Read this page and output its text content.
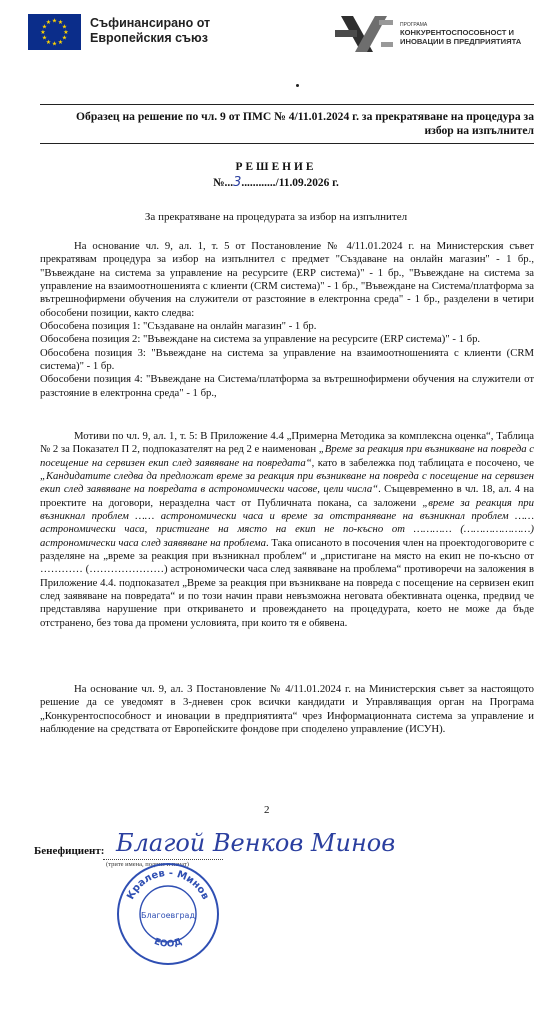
★ ★
★
★
★
★
★
★
★
★
★
★	Съфинансирано от
Европейския съюз
ПРОГРАМА
КОНКУРЕНТОСПОСОБНОСТ И
ИНОВАЦИИ В ПРЕДПРИЯТИЯТА
Образец на решение по чл. 9 от ПМС № 4/11.01.2024 г. за прекратяване на процедура за
избор на изпълнител
РЕШЕНИЕ
№...3............/11.09.2026 г.
За прекратяване на процедурата за избор на изпълнител

На основание чл. 9, ал. 1, т. 5 от Постановление № 4/11.01.2024 г. на Министерския съвет прекратявам процедура за избор на изпълнител с предмет "Създаване на онлайн магазин" - 1 бр., "Въвеждане на система за управление на ресурсите (ERP система)" - 1 бр., "Въвеждане на система за управление на взаимоотношенията с клиенти (CRM система)" - 1 бр., "Въвеждане на Система/платформа за вътрешнофирмени обучения на служители от разстояние в електронна среда" - 1 бр., разделени в четири обособени позиции, както следва:

Обособена позиция 1: "Създаване на онлайн магазин" - 1 бр.

Обособена позиция 2: "Въвеждане на система за управление на ресурсите (ERP система)" - 1 бр.

Обособена позиция 3: "Въвеждане на система за управление на взаимоотношенията с клиенти (CRM система)" - 1 бр.

Обособени позиция 4: "Въвеждане на Система/платформа за вътрешнофирмени обучения на служители от разстояние в електронна среда" - 1 бр.,

Мотиви по чл. 9, ал. 1, т. 5: В Приложение 4.4 „Примерна Методика за комплексна оценка“, Таблица № 2 за Показател П 2, подпоказателят на ред 2 е наименован „Време за реакция при възникване на повреда с посещение на сервизен екип след заявяване на повредата“, като в забележка под таблицата е посочено, че „Кандидатите следва да предложат време за реакция при възникване на повреда с посещение на сервизен екип след заявяване на повредата в астрономически часове, цели числа“. Същевременно в чл. 18, ал. 4 на проектите на договори, неразделна част от Публичната покана, са заложени „време за реакция при възникнал проблем …… астрономически часа и време за отстраняване на възникнал проблем …… астрономически часа, пристигане на място на екип не по-късно от ………… (…………………) астрономически часа след заявяване на проблема. Така описаното в посочения член на проектодоговорите с разделяне на „време за реакция при възникнал проблем“ и „пристигане на място на екип не по-късно от ………… (…………………) астрономически часа след заявяване на проблема“ противоречи на заложения в Приложение 4.4. подпоказател „Време за реакция при възникване на повреда с посещение на сервизен екип след заявяване на повредата“ и по този начин прави невъзможна неговата обективната оценка, предвид че представлява нарушение при откриването и провеждането на процедурата, което не може да бъде отстранено, без това да промени условията, при които тя е обявена.

На основание чл. 9, ал. 3 Постановление № 4/11.01.2024 г. на Министерския съвет за настоящото решение да се уведомят в 3-дневен срок всички кандидати и Управляващия орган на Програма „Конкурентоспособност и иновации в предприятията“ чрез Информационната система за управление и наблюдение на средствата от Европейските фондове при споделено управление (ИСУН).

2
Бенефициент:
(трите имена, подпис и печат)
Благой Венков Минов
Кралев - Минов
Благоевград
ЕООД
